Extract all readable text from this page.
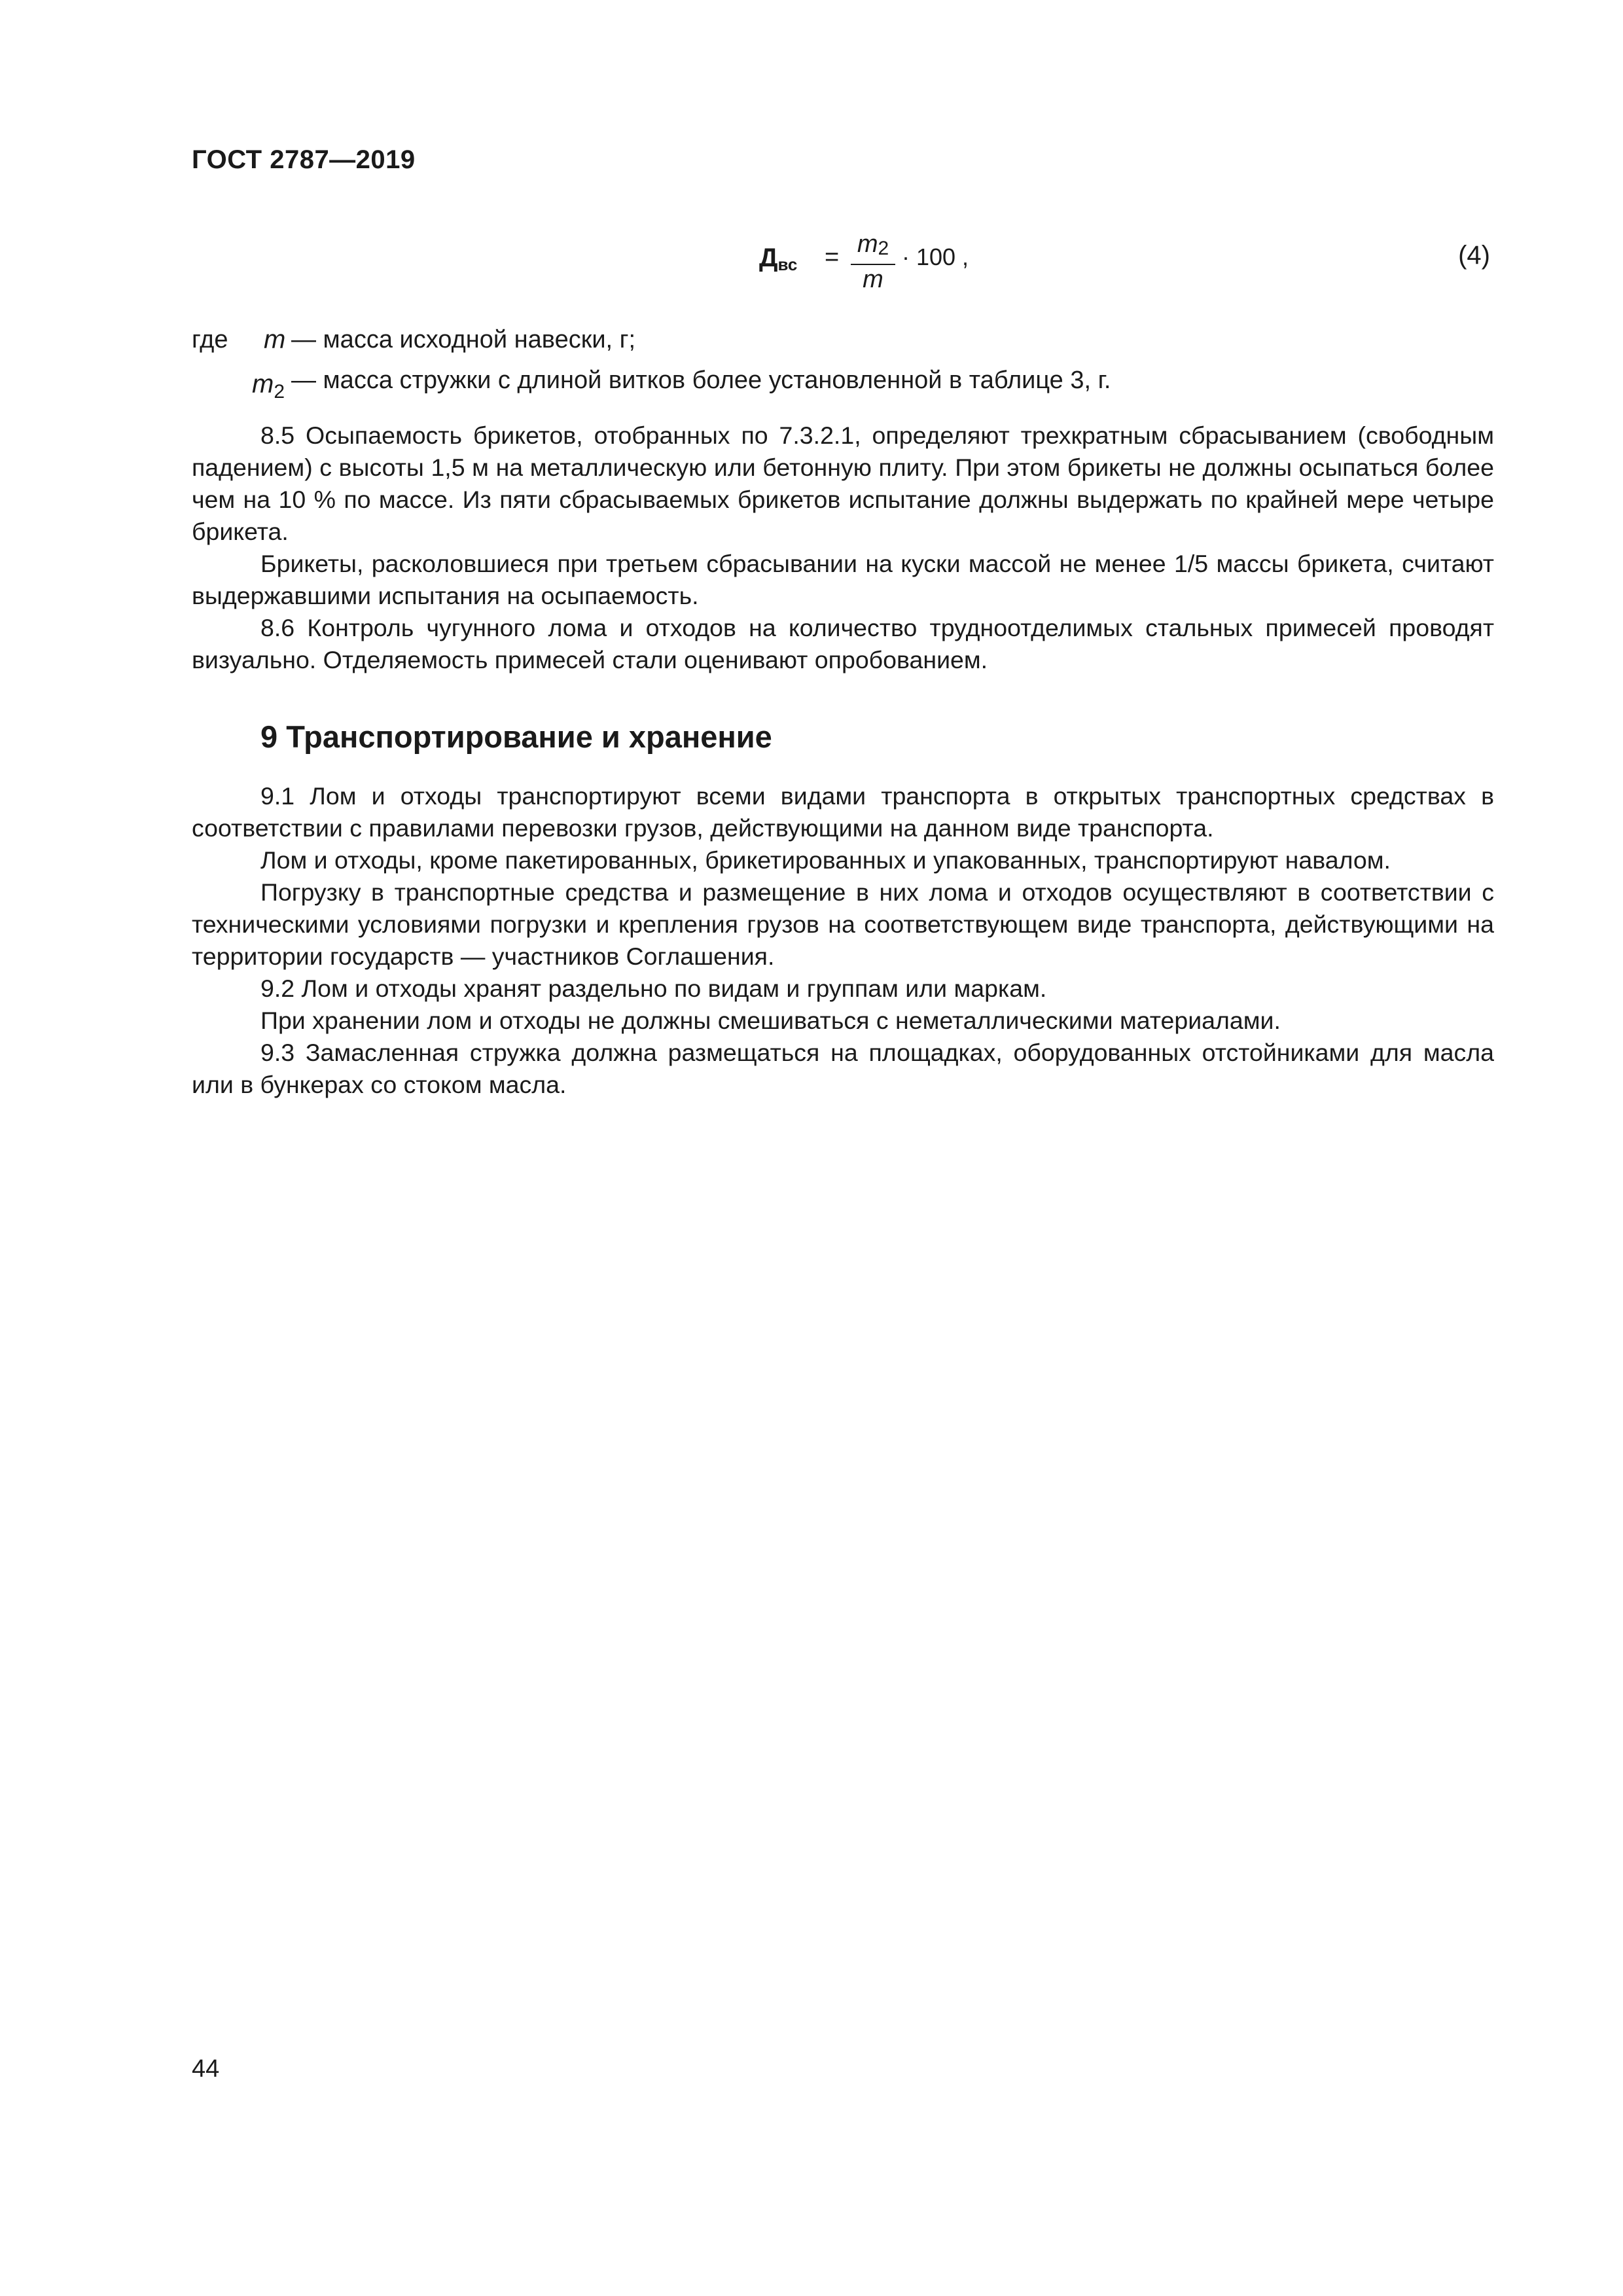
ГОСТ 2787—2019
$Д_{вс} = m_2$
m
· 100 ,	(4)
где m — масса исходной навески, г;
$m_2$ — масса стружки с длиной витков более установленной в таблице 3, г.

8.5 Осыпаемость брикетов, отобранных по 7.3.2.1, определяют трехкратным сбрасыванием (свободным падением) с высоты 1,5 м на металлическую или бетонную плиту. При этом брикеты не должны осыпаться более чем на 10 % по массе. Из пяти сбрасываемых брикетов испытание должны выдержать по крайней мере четыре брикета.

Брикеты, расколовшиеся при третьем сбрасывании на куски массой не менее 1/5 массы брикета, считают выдержавшими испытания на осыпаемость.

8.6 Контроль чугунного лома и отходов на количество трудноотделимых стальных примесей проводят визуально. Отделяемость примесей стали оценивают опробованием.

9 Транспортирование и хранение

9.1 Лом и отходы транспортируют всеми видами транспорта в открытых транспортных средствах в соответствии с правилами перевозки грузов, действующими на данном виде транспорта.

Лом и отходы, кроме пакетированных, брикетированных и упакованных, транспортируют навалом.

Погрузку в транспортные средства и размещение в них лома и отходов осуществляют в соответствии с техническими условиями погрузки и крепления грузов на соответствующем виде транспорта, действующими на территории государств — участников Соглашения.

9.2 Лом и отходы хранят раздельно по видам и группам или маркам.

При хранении лом и отходы не должны смешиваться с неметаллическими материалами.

9.3 Замасленная стружка должна размещаться на площадках, оборудованных отстойниками для масла или в бункерах со стоком масла.

44
